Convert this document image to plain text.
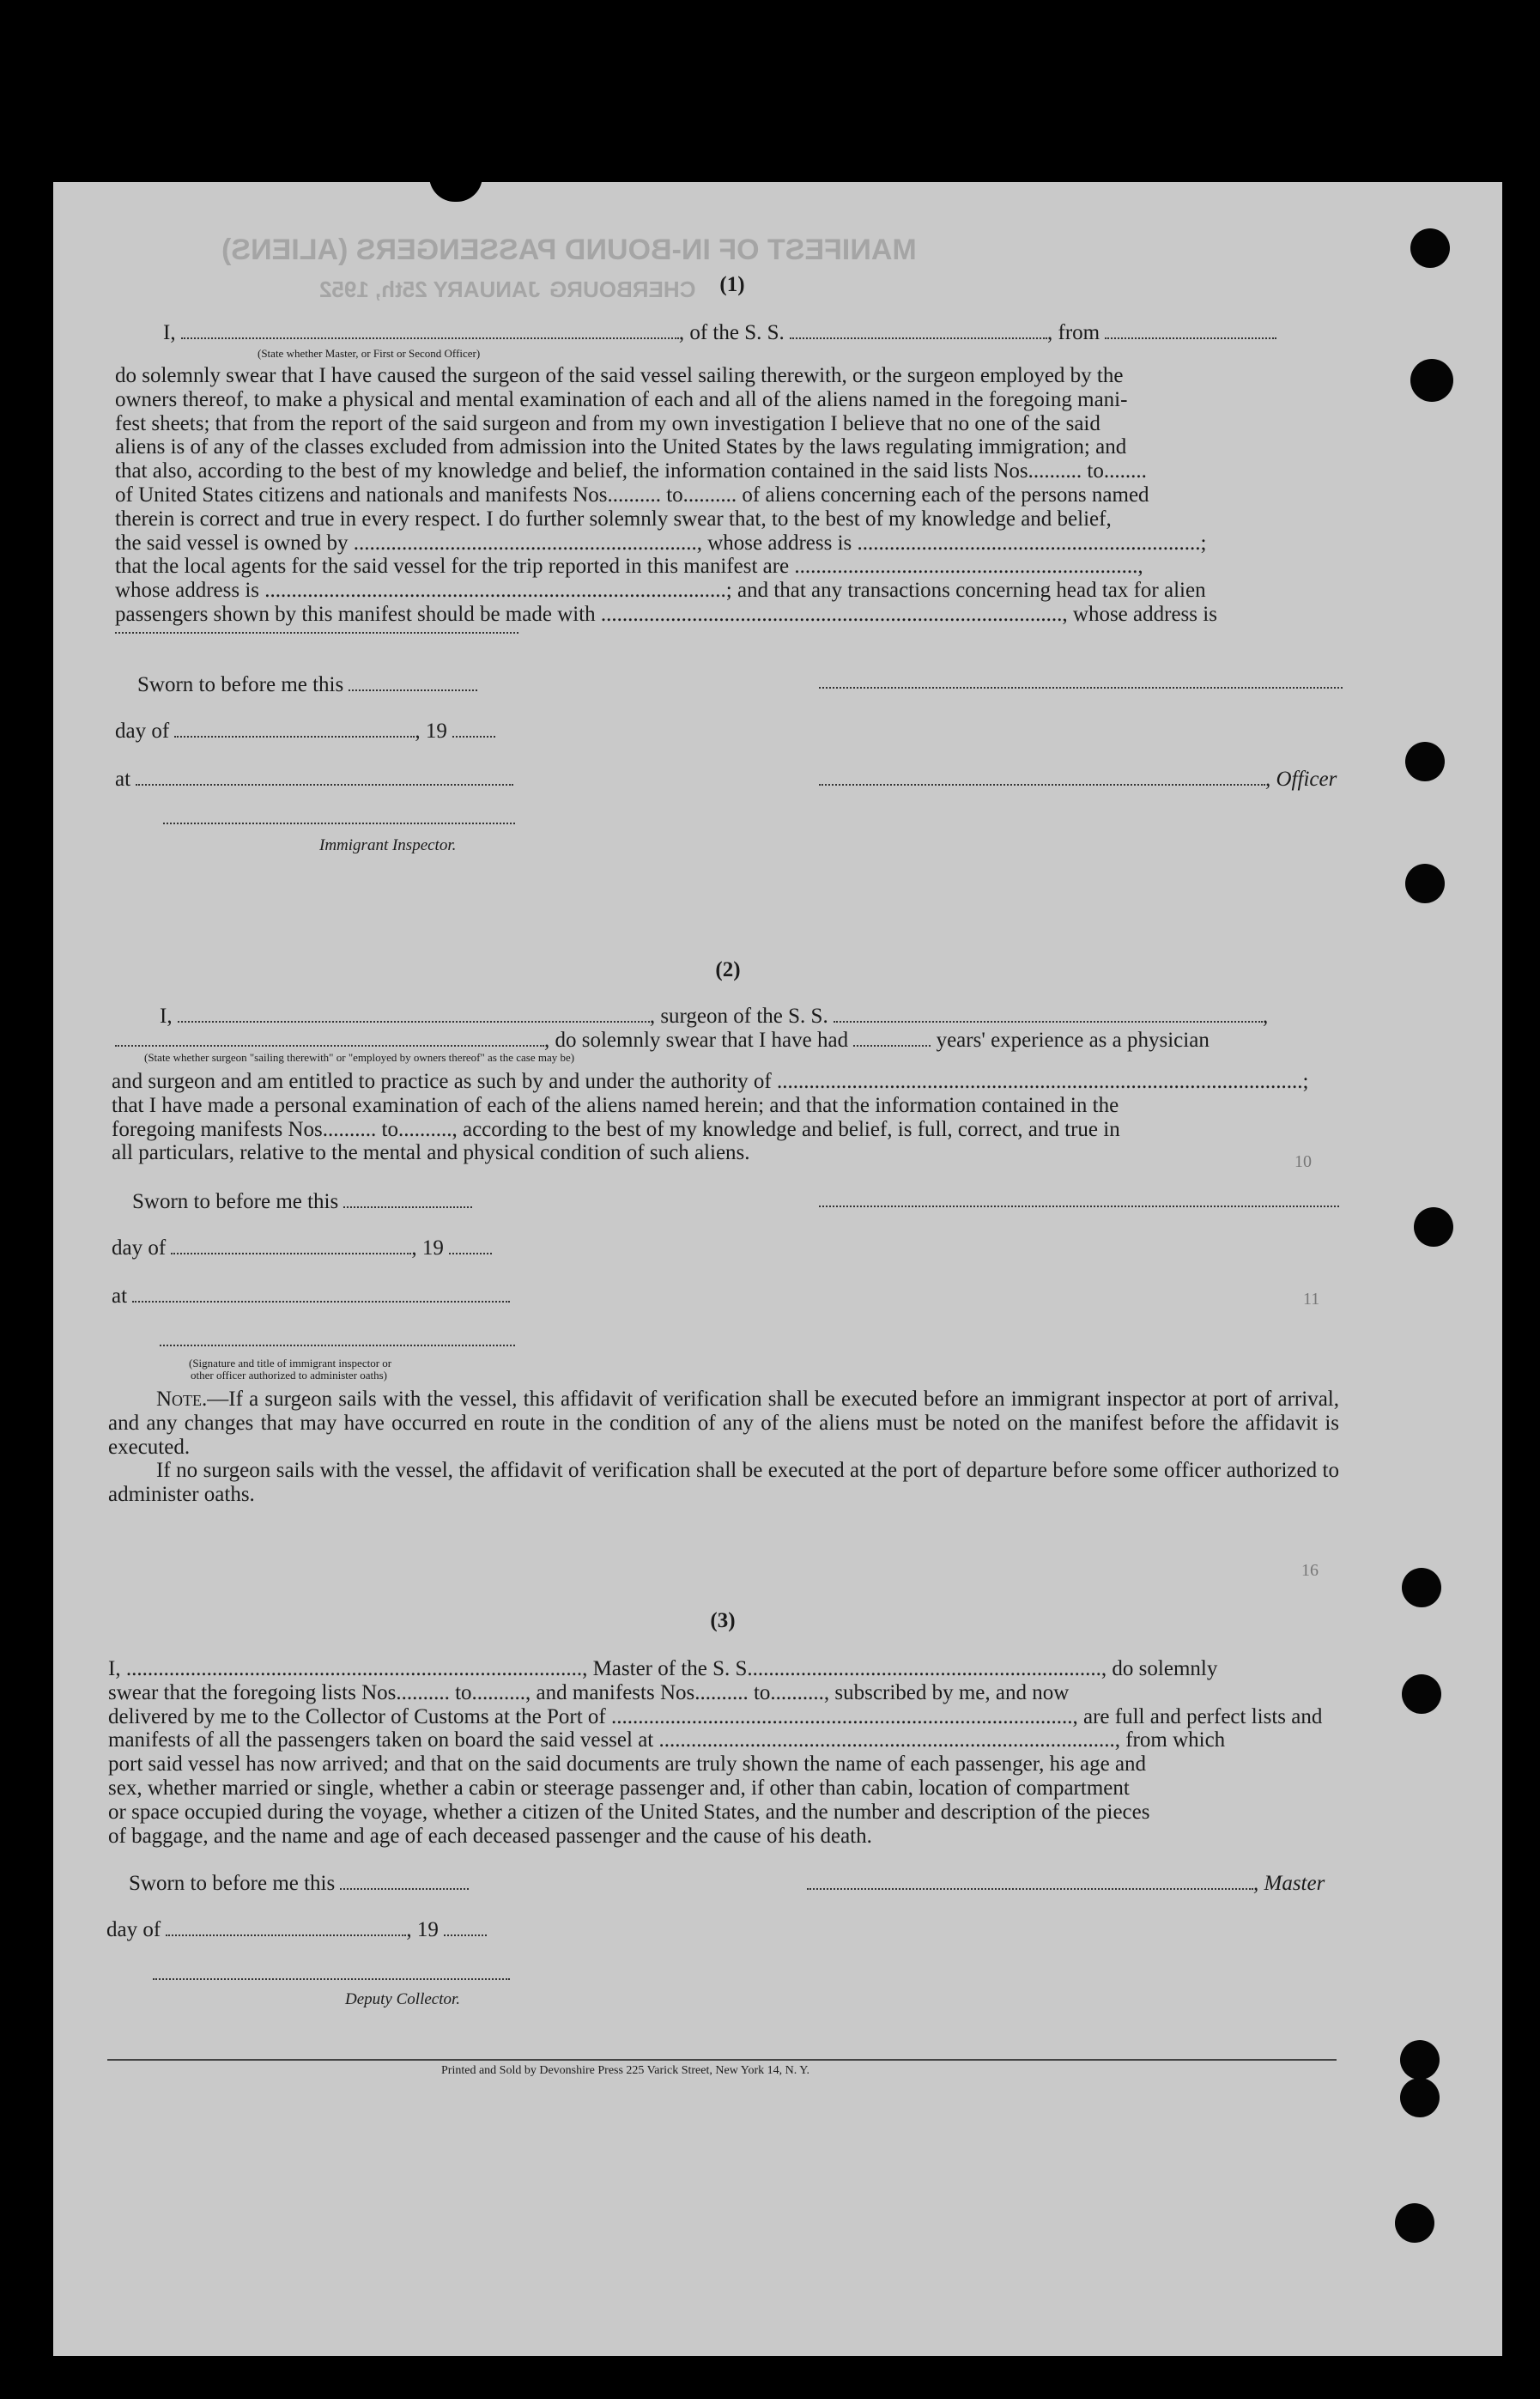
MANIFEST OF IN-BOUND PASSENGERS (ALIENS)
CHERBOURG
JANUARY 25th, 1952
10
11
16
(1)
I,	, of the S. S.	, from
(State whether Master, or First or Second Officer)

do solemnly swear that I have caused the surgeon of the said vessel sailing therewith, or the surgeon employed by the

owners thereof, to make a physical and mental examination of each and all of the aliens named in the foregoing mani-

fest sheets; that from the report of the said surgeon and from my own investigation I believe that no one of the said

aliens is of any of the classes excluded from admission into the United States by the laws regulating immigration; and

that also, according to the best of my knowledge and belief, the information contained in the said lists Nos.......... to........

of United States citizens and nationals and manifests Nos.......... to.......... of aliens concerning each of the persons named

therein is correct and true in every respect. I do further solemnly swear that, to the best of my knowledge and belief,

the said vessel is owned by ................................................................, whose address is ................................................................;

that the local agents for the said vessel for the trip reported in this manifest are ................................................................,

whose address is ......................................................................................; and that any transactions concerning head tax for alien

passengers shown by this manifest should be made with ......................................................................................, whose address is

Sworn to before me this
day of	, 19
at	, Officer
Immigrant Inspector.
(2)
I,	, surgeon of the S. S.	,
, do solemnly swear that I have had	years' experience as a physician
(State whether surgeon "sailing therewith" or "employed by owners thereof" as the case may be)

and surgeon and am entitled to practice as such by and under the authority of ..................................................................................................;

that I have made a personal examination of each of the aliens named herein; and that the information contained in the

foregoing manifests Nos.......... to.........., according to the best of my knowledge and belief, is full, correct, and true in

all particulars, relative to the mental and physical condition of such aliens.

Sworn to before me this
day of	, 19
at
(Signature and title of immigrant inspector or
other officer authorized to administer oaths)

Note.—If a surgeon sails with the vessel, this affidavit of verification shall be executed before an immigrant inspector at port of arrival, and any changes that may have occurred en route in the condition of any of the aliens must be noted on the manifest before the affidavit is executed.

If no surgeon sails with the vessel, the affidavit of verification shall be executed at the port of departure before some officer authorized to administer oaths.

(3)

I, ....................................................................................., Master of the S. S.................................................................., do solemnly

swear that the foregoing lists Nos.......... to.........., and manifests Nos.......... to.........., subscribed by me, and now

delivered by me to the Collector of Customs at the Port of ......................................................................................, are full and perfect lists and

manifests of all the passengers taken on board the said vessel at ....................................................................................., from which

port said vessel has now arrived; and that on the said documents are truly shown the name of each passenger, his age and

sex, whether married or single, whether a cabin or steerage passenger and, if other than cabin, location of compartment

or space occupied during the voyage, whether a citizen of the United States, and the number and description of the pieces

of baggage, and the name and age of each deceased passenger and the cause of his death.

Sworn to before me this	, Master
day of	, 19
Deputy Collector.
Printed and Sold by Devonshire Press 225 Varick Street, New York 14, N. Y.
